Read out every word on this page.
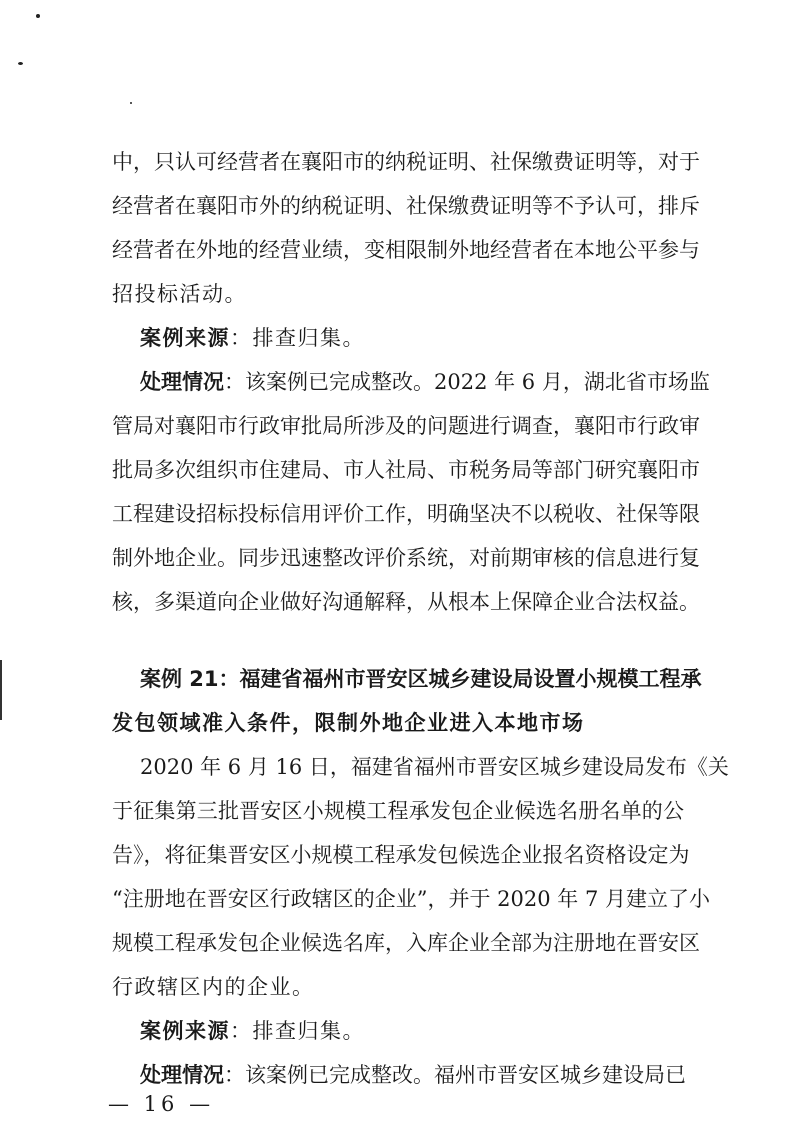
中，只认可经营者在襄阳市的纳税证明、社保缴费证明等，对于
经营者在襄阳市外的纳税证明、社保缴费证明等不予认可，排斥
经营者在外地的经营业绩，变相限制外地经营者在本地公平参与
招投标活动。
案例来源：排查归集。
处理情况：该案例已完成整改。2022 年 6 月，湖北省市场监
管局对襄阳市行政审批局所涉及的问题进行调查，襄阳市行政审
批局多次组织市住建局、市人社局、市税务局等部门研究襄阳市
工程建设招标投标信用评价工作，明确坚决不以税收、社保等限
制外地企业。同步迅速整改评价系统，对前期审核的信息进行复
核，多渠道向企业做好沟通解释，从根本上保障企业合法权益。
案例 21：福建省福州市晋安区城乡建设局设置小规模工程承
发包领域准入条件，限制外地企业进入本地市场
2020 年 6 月 16 日，福建省福州市晋安区城乡建设局发布《关
于征集第三批晋安区小规模工程承发包企业候选名册名单的公
告》，将征集晋安区小规模工程承发包候选企业报名资格设定为
“注册地在晋安区行政辖区的企业”，并于 2020 年 7 月建立了小
规模工程承发包企业候选名库，入库企业全部为注册地在晋安区
行政辖区内的企业。
案例来源：排查归集。
处理情况：该案例已完成整改。福州市晋安区城乡建设局已
— 16 —
